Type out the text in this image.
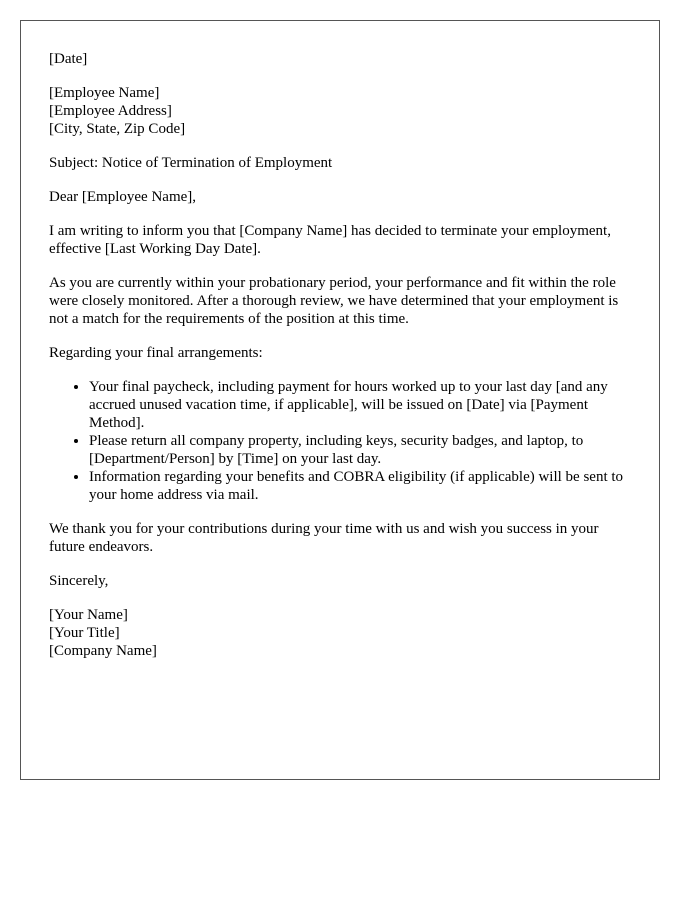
[Date]

[Employee Name]
[Employee Address]
[City, State, Zip Code]

Subject: Notice of Termination of Employment

Dear [Employee Name],

I am writing to inform you that [Company Name] has decided to terminate your employment, effective [Last Working Day Date].

As you are currently within your probationary period, your performance and fit within the role were closely monitored. After a thorough review, we have determined that your employment is not a match for the requirements of the position at this time.

Regarding your final arrangements:

• Your final paycheck, including payment for hours worked up to your last day [and any accrued unused vacation time, if applicable], will be issued on [Date] via [Payment Method].
• Please return all company property, including keys, security badges, and laptop, to [Department/Person] by [Time] on your last day.
• Information regarding your benefits and COBRA eligibility (if applicable) will be sent to your home address via mail.

We thank you for your contributions during your time with us and wish you success in your future endeavors.

Sincerely,

[Your Name]
[Your Title]
[Company Name]
